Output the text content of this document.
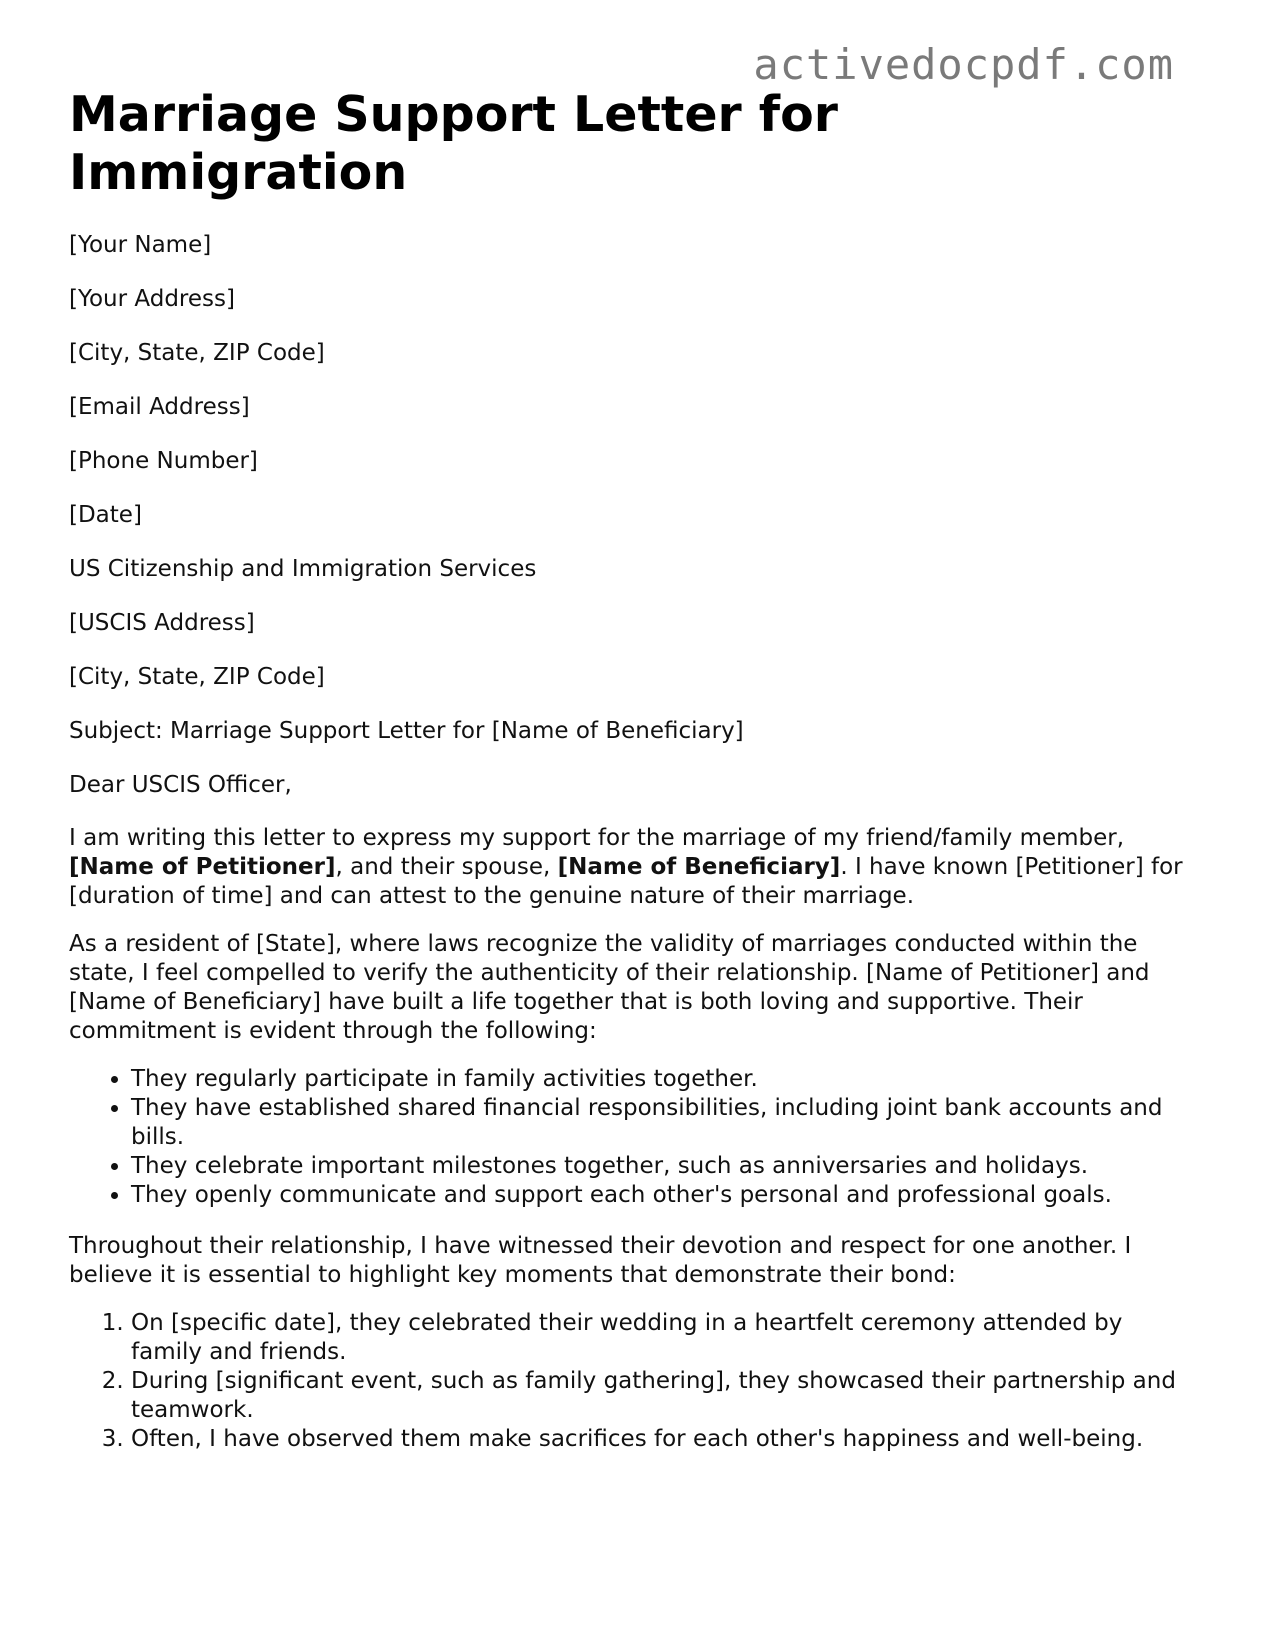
activedocpdf.com
Marriage Support Letter for Immigration
[Your Name]
[Your Address]
[City, State, ZIP Code]
[Email Address]
[Phone Number]
[Date]
US Citizenship and Immigration Services
[USCIS Address]
[City, State, ZIP Code]
Subject: Marriage Support Letter for [Name of Beneficiary]
Dear USCIS Officer,

I am writing this letter to express my support for the marriage of my friend/family member, [Name of Petitioner], and their spouse, [Name of Beneficiary]. I have known [Petitioner] for [duration of time] and can attest to the genuine nature of their marriage.

As a resident of [State], where laws recognize the validity of marriages conducted within the state, I feel compelled to verify the authenticity of their relationship. [Name of Petitioner] and [Name of Beneficiary] have built a life together that is both loving and supportive. Their commitment is evident through the following:

• They regularly participate in family activities together.
• They have established shared financial responsibilities, including joint bank accounts and bills.
• They celebrate important milestones together, such as anniversaries and holidays.
• They openly communicate and support each other's personal and professional goals.

Throughout their relationship, I have witnessed their devotion and respect for one another. I believe it is essential to highlight key moments that demonstrate their bond:

1. On [specific date], they celebrated their wedding in a heartfelt ceremony attended by family and friends.
2. During [significant event, such as family gathering], they showcased their partnership and teamwork.
3. Often, I have observed them make sacrifices for each other's happiness and well-being.
